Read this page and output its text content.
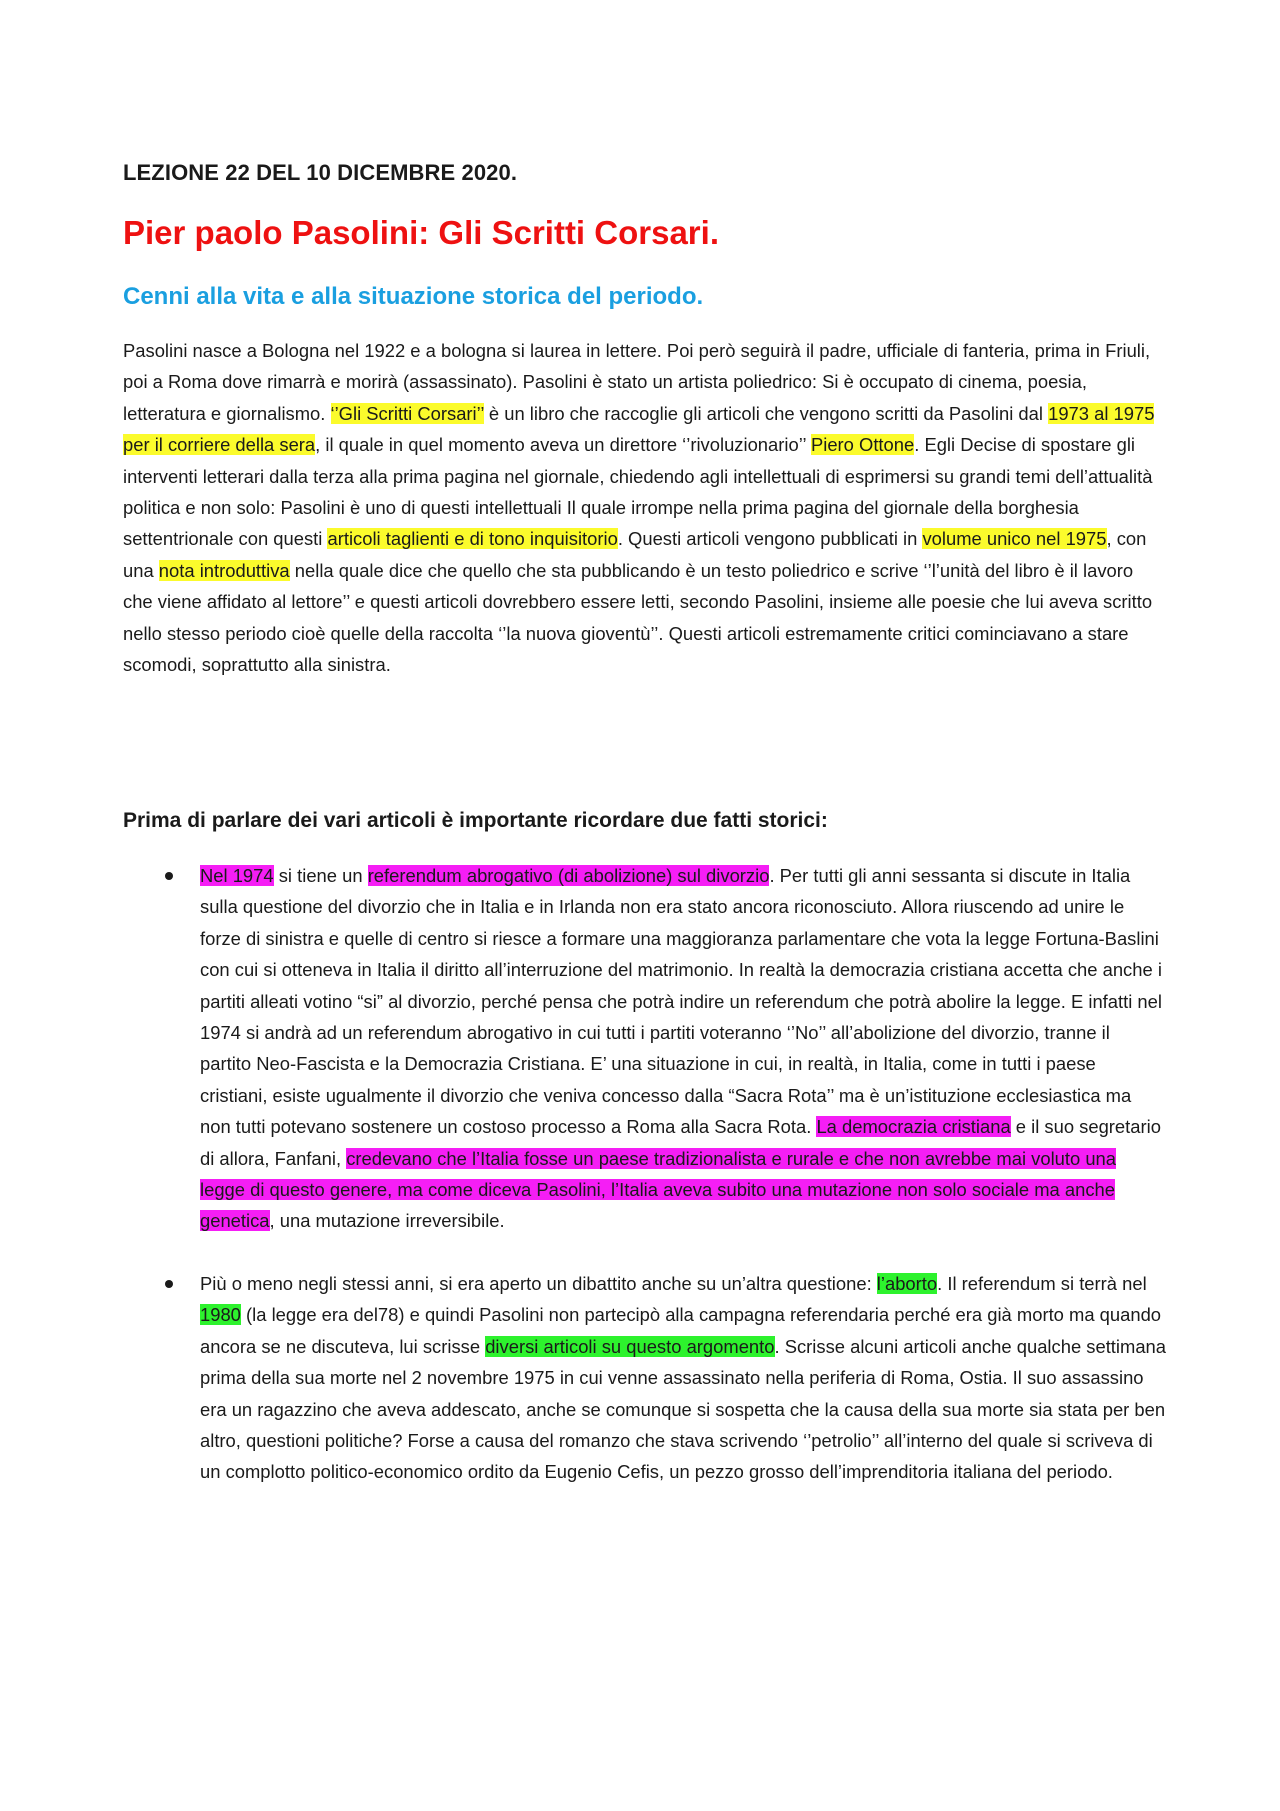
LEZIONE 22 DEL 10 DICEMBRE 2020.
Pier paolo Pasolini: Gli Scritti Corsari.
Cenni alla vita e alla situazione storica del periodo.

Pasolini nasce a Bologna nel 1922 e a bologna si laurea in lettere. Poi però seguirà il padre, ufficiale di fanteria, prima in Friuli, poi a Roma dove rimarrà e morirà (assassinato). Pasolini è stato un artista poliedrico: Si è occupato di cinema, poesia, letteratura e giornalismo. ‘’Gli Scritti Corsari’’ è un libro che raccoglie gli articoli che vengono scritti da Pasolini dal 1973 al 1975 per il corriere della sera, il quale in quel momento aveva un direttore ‘’rivoluzionario’’ Piero Ottone. Egli Decise di spostare gli interventi letterari dalla terza alla prima pagina nel giornale, chiedendo agli intellettuali di esprimersi su grandi temi dell’attualità politica e non solo: Pasolini è uno di questi intellettuali Il quale irrompe nella prima pagina del giornale della borghesia settentrionale con questi articoli taglienti e di tono inquisitorio. Questi articoli vengono pubblicati in volume unico nel 1975, con una nota introduttiva nella quale dice che quello che sta pubblicando è un testo poliedrico e scrive ‘’l’unità del libro è il lavoro che viene affidato al lettore’’ e questi articoli dovrebbero essere letti, secondo Pasolini, insieme alle poesie che lui aveva scritto nello stesso periodo cioè quelle della raccolta ‘’la nuova gioventù’’. Questi articoli estremamente critici cominciavano a stare scomodi, soprattutto alla sinistra.

Prima di parlare dei vari articoli è importante ricordare due fatti storici:
Nel 1974 si tiene un referendum abrogativo (di abolizione) sul divorzio. Per tutti gli anni sessanta si discute in Italia sulla questione del divorzio che in Italia e in Irlanda non era stato ancora riconosciuto. Allora riuscendo ad unire le forze di sinistra e quelle di centro si riesce a formare una maggioranza parlamentare che vota la legge Fortuna-Baslini con cui si otteneva in Italia il diritto all’interruzione del matrimonio. In realtà la democrazia cristiana accetta che anche i partiti alleati votino “si” al divorzio, perché pensa che potrà indire un referendum che potrà abolire la legge. E infatti nel 1974 si andrà ad un referendum abrogativo in cui tutti i partiti voteranno ‘’No’’ all’abolizione del divorzio, tranne il partito Neo-Fascista e la Democrazia Cristiana. E’ una situazione in cui, in realtà, in Italia, come in tutti i paese cristiani, esiste ugualmente il divorzio che veniva concesso dalla “Sacra Rota’’ ma è un’istituzione ecclesiastica ma non tutti potevano sostenere un costoso processo a Roma alla Sacra Rota. La democrazia cristiana e il suo segretario di allora, Fanfani, credevano che l’Italia fosse un paese tradizionalista e rurale e che non avrebbe mai voluto una legge di questo genere, ma come diceva Pasolini, l’Italia aveva subito una mutazione non solo sociale ma anche genetica, una mutazione irreversibile.
Più o meno negli stessi anni, si era aperto un dibattito anche su un’altra questione: l’aborto. Il referendum si terrà nel 1980 (la legge era del78) e quindi Pasolini non partecipò alla campagna referendaria perché era già morto ma quando ancora se ne discuteva, lui scrisse diversi articoli su questo argomento. Scrisse alcuni articoli anche qualche settimana prima della sua morte nel 2 novembre 1975 in cui venne assassinato nella periferia di Roma, Ostia. Il suo assassino era un ragazzino che aveva addescato, anche se comunque si sospetta che la causa della sua morte sia stata per ben altro, questioni politiche? Forse a causa del romanzo che stava scrivendo ‘’petrolio’’ all’interno del quale si scriveva di un complotto politico-economico ordito da Eugenio Cefis, un pezzo grosso dell’imprenditoria italiana del periodo.
